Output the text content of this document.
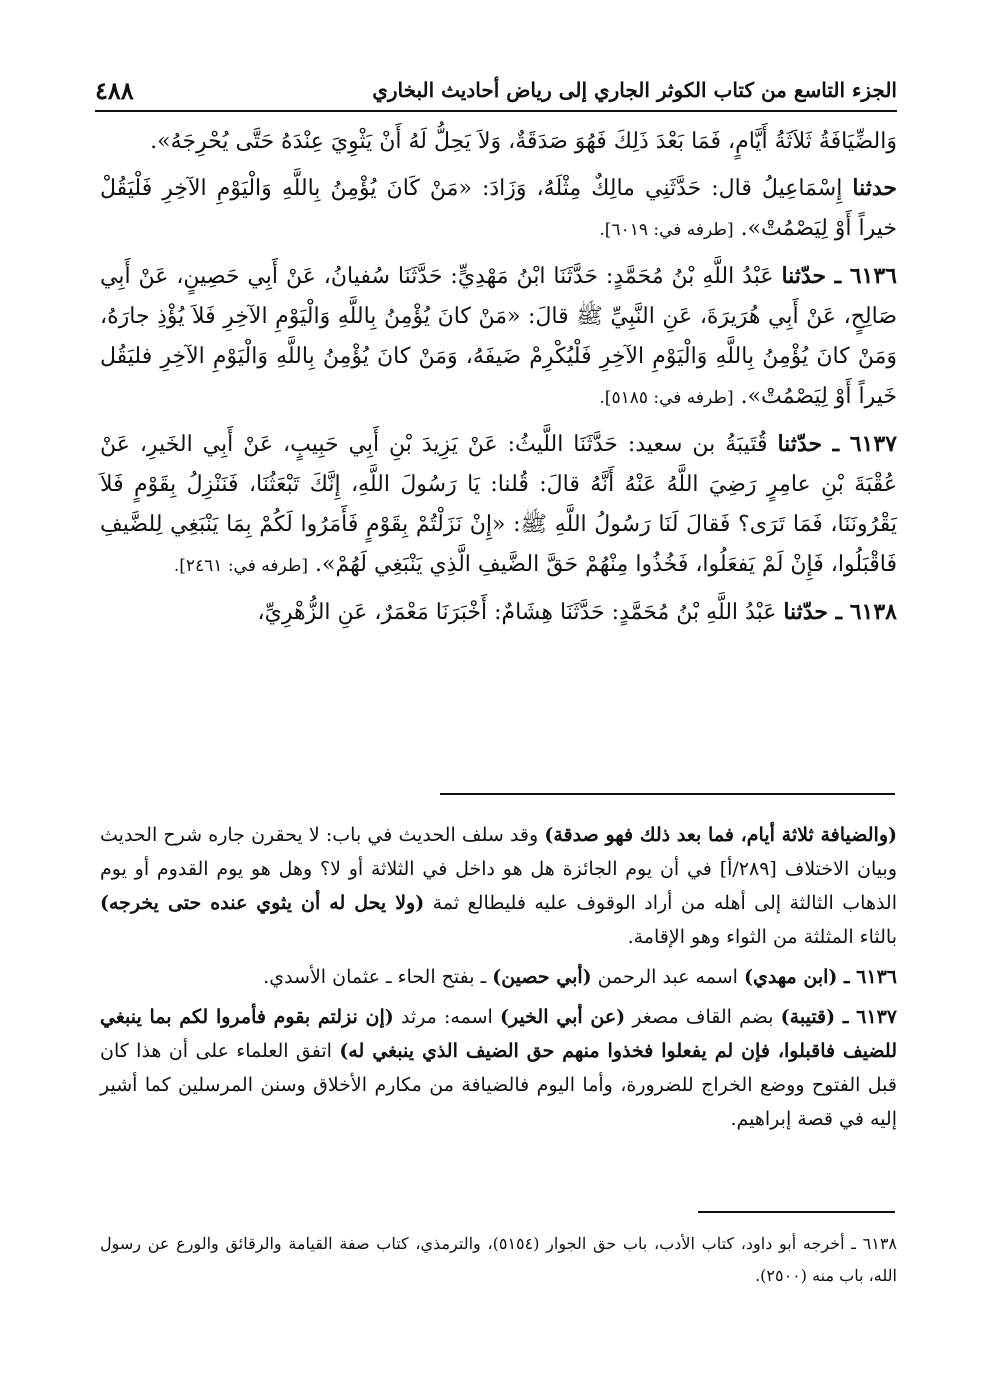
٤٨٨	الجزء التاسع من كتاب الكوثر الجاري إلى رياض أحاديث البخاري

وَالضِّيَافَةُ ثَلاَثَةُ أَيَّامٍ، فَمَا بَعْدَ ذَلِكَ فَهُوَ صَدَقَةٌ، وَلاَ يَحِلُّ لَهُ أَنْ يَثْوِيَ عِنْدَهُ حَتَّى يُحْرِجَهُ».

حدثنا إِسْمَاعِيلُ قال: حَدَّثَنِي مالِكٌ مِثْلَهُ، وَزَادَ: «مَنْ كَانَ يُؤْمِنُ بِاللَّهِ وَالْيَوْمِ الآخِرِ فَلْيَقُلْ خيراً أَوْ لِيَصْمُتْ». [طرفه في: ٦٠١٩].

٦١٣٦ ـ حدّثنا عَبْدُ اللَّهِ بْنُ مُحَمَّدٍ: حَدَّثَنَا ابْنُ مَهْدِيٍّ: حَدَّثَنَا سُفيانُ، عَنْ أَبِي حَصِينٍ، عَنْ أَبِي صَالِحٍ، عَنْ أَبِي هُرَيرَةَ، عَنِ النَّبِيِّ ﷺ قالَ: «مَنْ كانَ يُؤْمِنُ بِاللَّهِ وَالْيَوْمِ الآخِرِ فَلاَ يُؤْذِ جارَهُ، وَمَنْ كانَ يُؤْمِنُ بِاللَّهِ وَالْيَوْمِ الآخِرِ فَلْيُكْرِمْ ضَيفَهُ، وَمَنْ كانَ يُؤْمِنُ بِاللَّهِ وَالْيَوْمِ الآخِرِ فليَقُل خَيراً أَوْ لِيَصْمُتْ». [طرفه في: ٥١٨٥].

٦١٣٧ ـ حدّثنا قُتَيبَةُ بن سعيد: حَدَّثَنَا اللَّيثُ: عَنْ يَزِيدَ بْنِ أَبِي حَبِيبٍ، عَنْ أَبِي الخَيرِ، عَنْ عُقْبَةَ بْنِ عامِرٍ رَضِيَ اللَّهُ عَنْهُ أَنَّهُ قالَ: قُلنا: يَا رَسُولَ اللَّهِ، إِنَّكَ تَبْعَثُنَا، فَنَنْزِلُ بِقَوْمٍ فَلاَ يَقْرُونَنَا، فَمَا تَرَى؟ فَقالَ لَنَا رَسُولُ اللَّهِ ﷺ: «إِنْ نَزَلْتُمْ بِقَوْمٍ فَأَمَرُوا لَكُمْ بِمَا يَنْبَغِي لِلضَّيفِ فَاقْبَلُوا، فَإِنْ لَمْ يَفعَلُوا، فَخُذُوا مِنْهُمْ حَقَّ الضَّيفِ الَّذِي يَنْبَغِي لَهُمْ». [طرفه في: ٢٤٦١].

٦١٣٨ ـ حدّثنا عَبْدُ اللَّهِ بْنُ مُحَمَّدٍ: حَدَّثَنَا هِشَامٌ: أَخْبَرَنَا مَعْمَرٌ، عَنِ الزُّهْرِيِّ،

(والضيافة ثلاثة أيام، فما بعد ذلك فهو صدقة) وقد سلف الحديث في باب: لا يحقرن جاره شرح الحديث وبيان الاختلاف [٢٨٩/أ] في أن يوم الجائزة هل هو داخل في الثلاثة أو لا؟ وهل هو يوم القدوم أو يوم الذهاب الثالثة إلى أهله من أراد الوقوف عليه فليطالع ثمة (ولا يحل له أن يثوي عنده حتى يخرجه) بالثاء المثلثة من الثواء وهو الإقامة.

٦١٣٦ ـ (ابن مهدي) اسمه عبد الرحمن (أبي حصين) ـ بفتح الحاء ـ عثمان الأسدي.

٦١٣٧ ـ (قتيبة) بضم القاف مصغر (عن أبي الخير) اسمه: مرثد (إن نزلتم بقوم فأمروا لكم بما ينبغي للضيف فاقبلوا، فإن لم يفعلوا فخذوا منهم حق الضيف الذي ينبغي له) اتفق العلماء على أن هذا كان قبل الفتوح ووضع الخراج للضرورة، وأما اليوم فالضيافة من مكارم الأخلاق وسنن المرسلين كما أشير إليه في قصة إبراهيم.

٦١٣٨ ـ أخرجه أبو داود، كتاب الأدب، باب حق الجوار (٥١٥٤)، والترمذي، كتاب صفة القيامة والرقائق والورع عن رسول الله، باب منه (٢٥٠٠).
